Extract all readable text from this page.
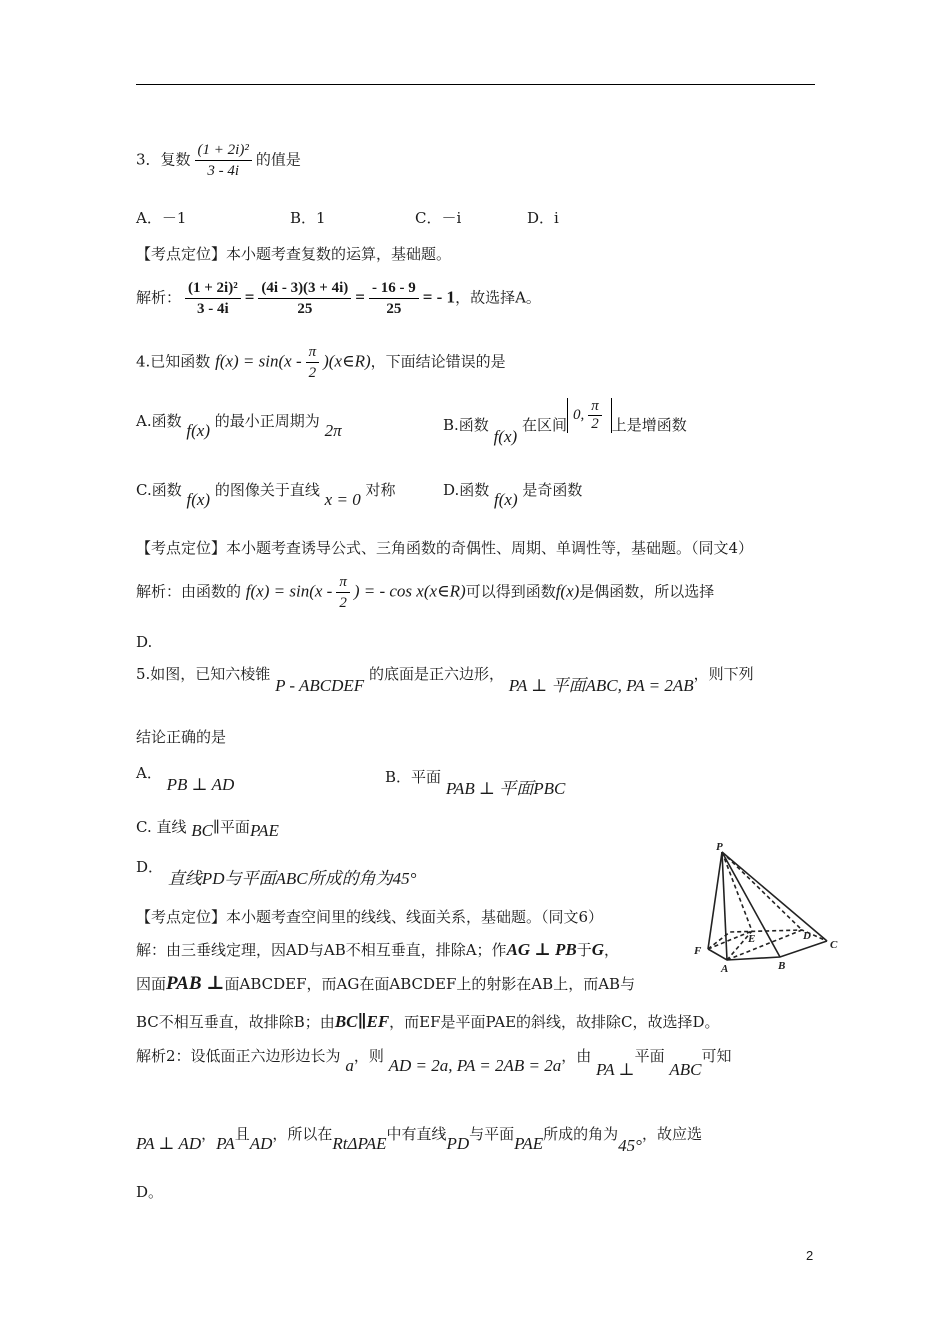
3．复数 $\frac{\text{(1 + 2i)²}}{3 - 4i}$ 的值是
A．－1	B．1	C．－i	D．i
【考点定位】本小题考查复数的运算，基础题。
解析： $\frac{\text{(1 + 2i)²}}{3 - 4i} = \frac{(4i - 3)(3 + 4i)}{25} = \frac{- 16 - 9}{25}$ = - 1，故选择A。
4.已知函数 $f(x) = \sin(x - \frac{\pi}{2}$ )(x∈R)，下面结论错误的是
A.函数 f(x) 的最小正周期为 2π	B.函数 f(x) 在区间0, $\frac{\pi}{2}$ 上是增函数
C.函数 f(x) 的图像关于直线 x = 0 对称	D.函数 f(x) 是奇函数
【考点定位】本小题考查诱导公式、三角函数的奇偶性、周期、单调性等，基础题。（同文4）
解析：由函数的 $f(x) = \sin(x - \frac{\pi}{2}$ ) = - cos x(x∈R)可以得到函数f(x)是偶函数，所以选择
D.
5.如图，已知六棱锥 P - ABCDEF 的底面是正六边形， PA ⊥ 平面ABC, PA = 2AB，则下列
结论正确的是
A． PB ⊥ AD	B．平面 PAB ⊥ 平面PBC
C. 直线 BC∥平面PAE
D． 直线PD与平面ABC所成的角为45°
【考点定位】本小题考查空间里的线线、线面关系，基础题。（同文6）
解：由三垂线定理，因AD与AB不相互垂直，排除A；作AG ⊥ PB于G，
因面PAB ⊥面ABCDEF，而AG在面ABCDEF上的射影在AB上，而AB与
BC不相互垂直，故排除B；由BC∥EF，而EF是平面PAE的斜线，故排除C，故选择D。
解析2：设低面正六边形边长为 a，则 AD = 2a, PA = 2AB = 2a，由 PA ⊥平面 ABC可知
PA ⊥ AD，PA且AD，所以在RtΔPAE中有直线PD与平面PAE所成的角为45°，故应选
D。
P
F
A
E
B
D
C
2
